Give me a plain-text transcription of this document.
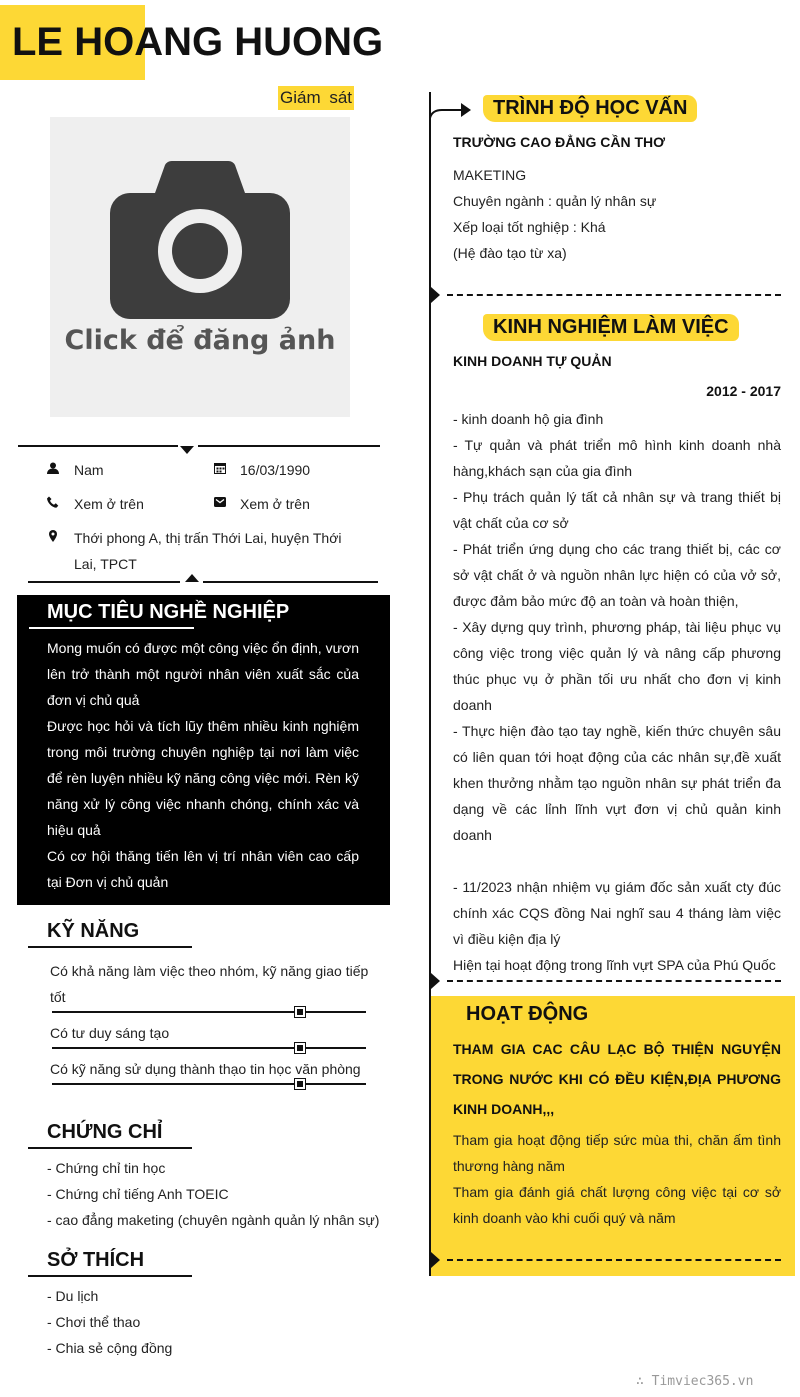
LE HOANG HUONG
Giám sát
Click để đăng ảnh
Nam	16/03/1990
Xem ở trên	Xem ở trên
Thới phong A, thị trấn Thới Lai, huyện Thới
Lai, TPCT
MỤC TIÊU NGHỀ NGHIỆP
Mong muốn có được một công việc ổn định, vươn lên trở thành một người nhân viên xuất sắc của đơn vị chủ quả
Được học hỏi và tích lũy thêm nhiều kinh nghiệm trong môi trường chuyên nghiệp tại nơi làm việc để rèn luyện nhiều kỹ năng công việc mới. Rèn kỹ năng xử lý công việc nhanh chóng, chính xác và hiệu quả
Có cơ hội thăng tiến lên vị trí nhân viên cao cấp tại Đơn vị chủ quản
KỸ NĂNG
Có khả năng làm việc theo nhóm, kỹ năng giao tiếp tốt
Có tư duy sáng tạo
Có kỹ năng sử dụng thành thạo tin học văn phòng
CHỨNG CHỈ
- Chứng chỉ tin học
- Chứng chỉ tiếng Anh TOEIC
- cao đẳng maketing (chuyên ngành quản lý nhân sự)
SỞ THÍCH
- Du lịch
- Chơi thể thao
- Chia sẻ cộng đồng
TRÌNH ĐỘ HỌC VẤN
TRƯỜNG CAO ĐẲNG CẦN THƠ
MAKETING
Chuyên ngành : quản lý nhân sự
Xếp loại tốt nghiệp : Khá
(Hệ đào tạo từ xa)
KINH NGHIỆM LÀM VIỆC
KINH DOANH TỰ QUẢN
2012 - 2017
- kinh doanh hộ gia đình
- Tự quản và phát triển mô hình kinh doanh nhà hàng,khách sạn của gia đình
- Phụ trách quản lý tất cả nhân sự và trang thiết bị vật chất của cơ sở
- Phát triển ứng dụng cho các trang thiết bị, các cơ sở vật chất ở và nguồn nhân lực hiện có của vở sở, được đảm bảo mức độ an toàn và hoàn thiện,
- Xây dựng quy trình, phương pháp, tài liệu phục vụ công việc trong việc quản lý và nâng cấp phương thúc phục vụ ở phần tối ưu nhất cho đơn vị kinh doanh
- Thực hiện đào tạo tay nghề, kiến thức chuyên sâu có liên quan tới hoạt động của các nhân sự,đề xuất khen thưởng nhằm tạo nguồn nhân sự phát triển đa dạng về các lỉnh lĩnh vựt đơn vị chủ quản kinh doanh
- 11/2023 nhận nhiệm vụ giám đốc sản xuất cty đúc chính xác CQS đồng Nai nghĩ sau 4 tháng làm việc vì điều kiện địa lý
Hiện tại hoạt động trong lĩnh vựt SPA của Phú Quốc
HOẠT ĐỘNG
THAM GIA CAC CÂU LẠC BỘ THIỆN NGUYỆN TRONG NƯỚC KHI CÓ ĐỀU KIỆN,ĐỊA PHƯƠNG KINH DOANH,,,
Tham gia hoạt động tiếp sức mùa thi, chăn ấm tình thương hàng năm
Tham gia đánh giá chất lượng công việc tại cơ sở kinh doanh vào khi cuối quý và năm
∴ Timviec365.vn
